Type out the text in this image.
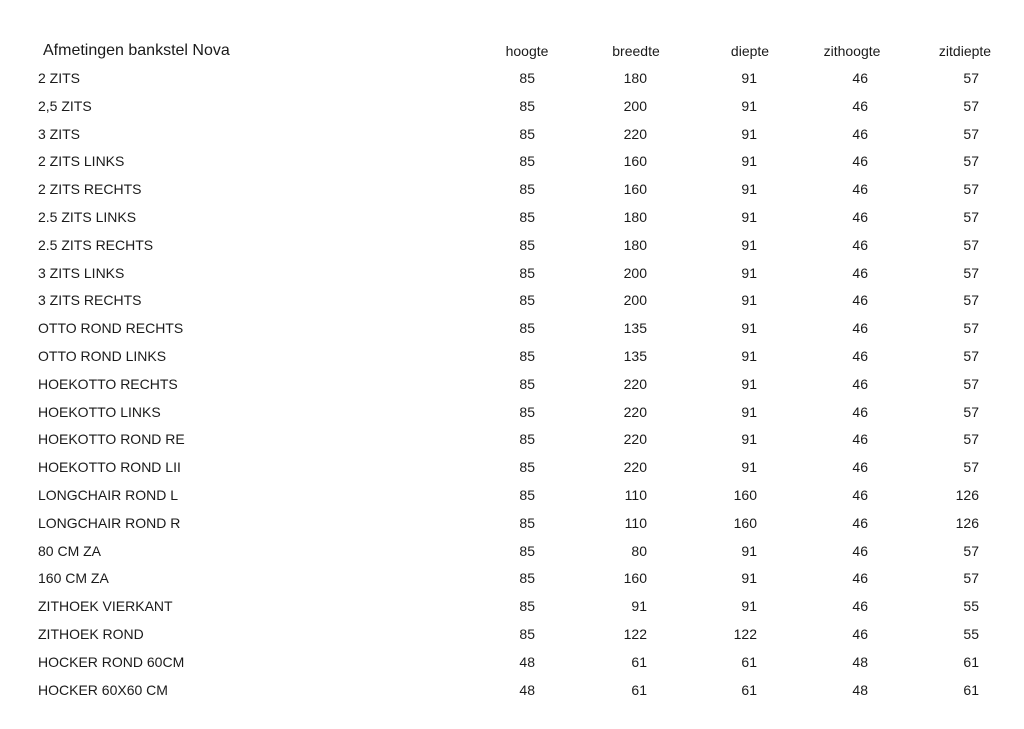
Afmetingen bankstel Nova	hoogte	breedte	diepte	zithoogte	zitdiepte
2 ZITS	85	180	91	46	57
2,5 ZITS	85	200	91	46	57
3 ZITS	85	220	91	46	57
2 ZITS LINKS	85	160	91	46	57
2 ZITS RECHTS	85	160	91	46	57
2.5 ZITS LINKS	85	180	91	46	57
2.5 ZITS RECHTS	85	180	91	46	57
3 ZITS LINKS	85	200	91	46	57
3 ZITS RECHTS	85	200	91	46	57
OTTO ROND RECHTS	85	135	91	46	57
OTTO ROND LINKS	85	135	91	46	57
HOEKOTTO RECHTS	85	220	91	46	57
HOEKOTTO LINKS	85	220	91	46	57
HOEKOTTO ROND RE	85	220	91	46	57
HOEKOTTO ROND LII	85	220	91	46	57
LONGCHAIR ROND L	85	110	160	46	126
LONGCHAIR ROND R	85	110	160	46	126
80 CM ZA	85	80	91	46	57
160 CM ZA	85	160	91	46	57
ZITHOEK VIERKANT	85	91	91	46	55
ZITHOEK ROND	85	122	122	46	55
HOCKER ROND 60CM	48	61	61	48	61
HOCKER 60X60 CM	48	61	61	48	61
